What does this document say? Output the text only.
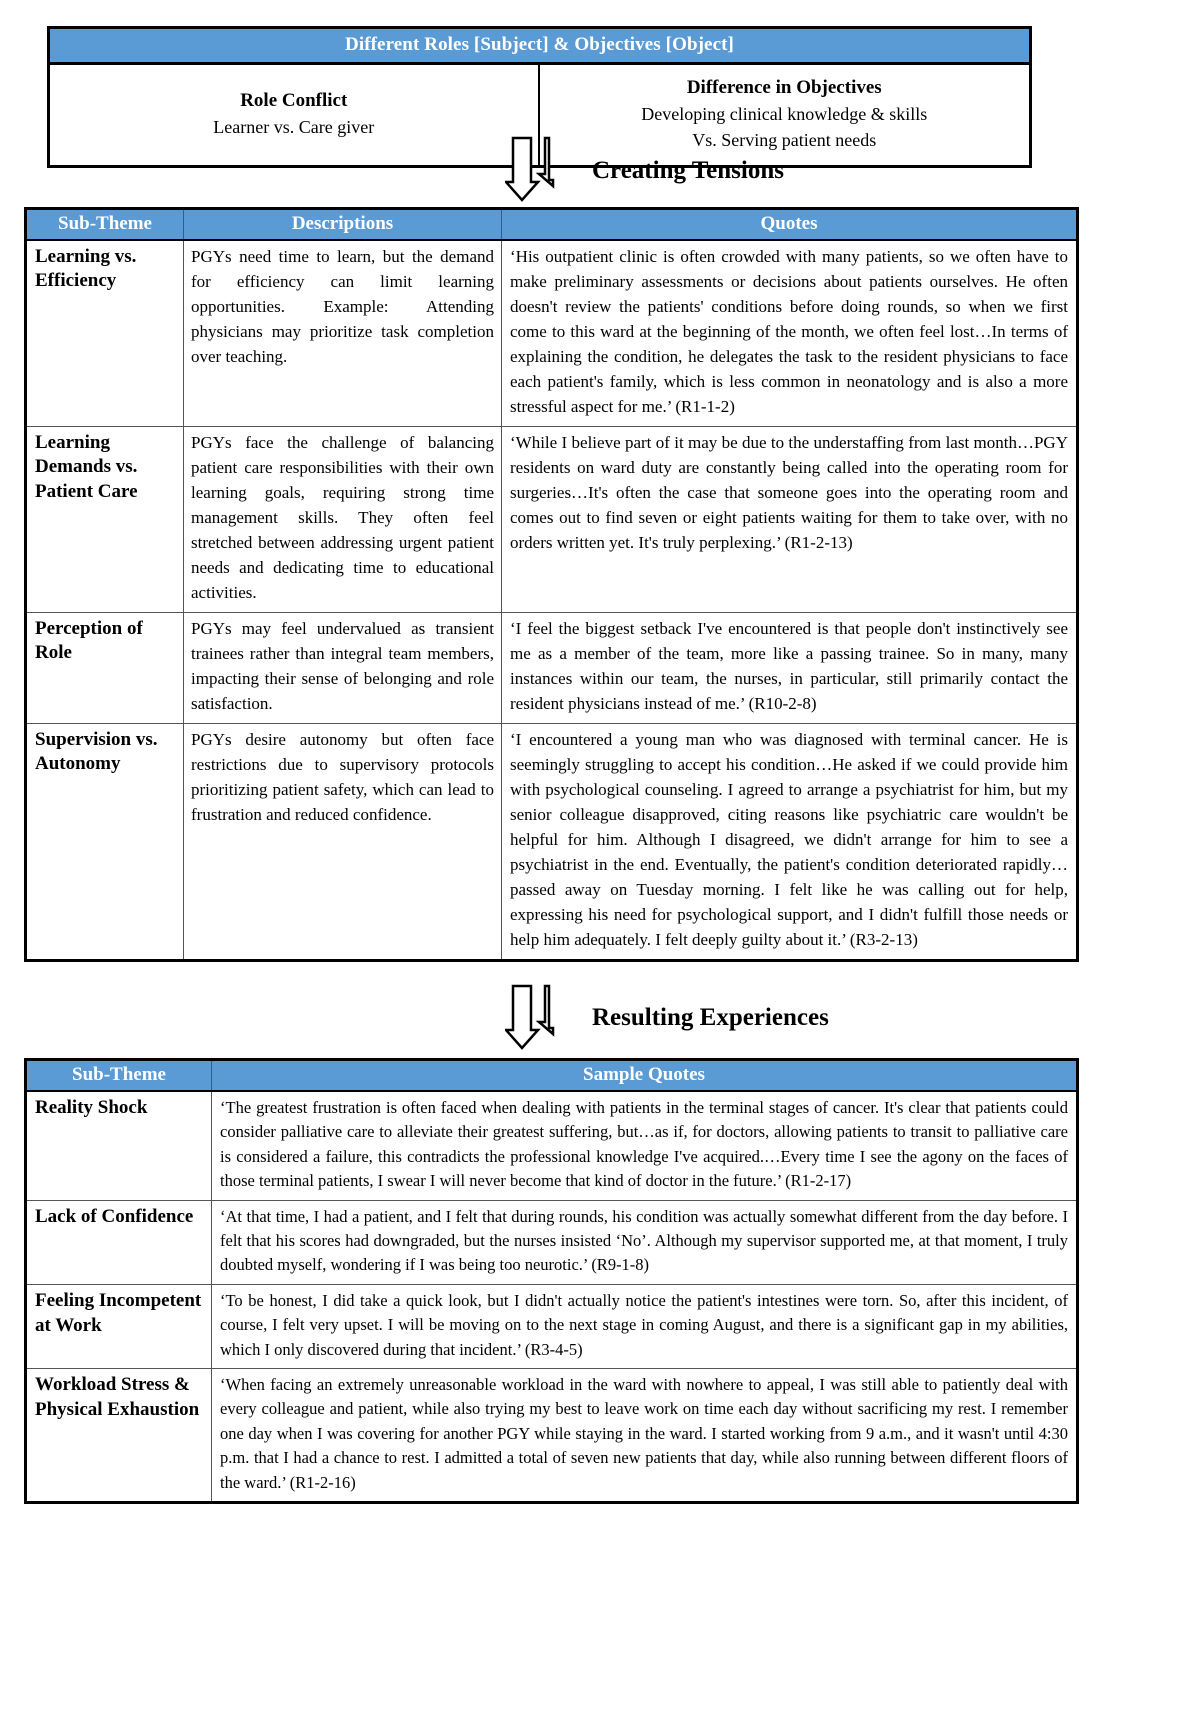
Different Roles [Subject] & Objectives [Object]
Role Conflict
Learner vs. Care giver
Difference in Objectives
Developing clinical knowledge & skills
Vs. Serving patient needs
Creating Tensions
Sub-Theme	Descriptions	Quotes
Learning vs. Efficiency	PGYs need time to learn, but the demand for efficiency can limit learning opportunities. Example: Attending physicians may prioritize task completion over teaching.	‘His outpatient clinic is often crowded with many patients, so we often have to make preliminary assessments or decisions about patients ourselves. He often doesn't review the patients' conditions before doing rounds, so when we first come to this ward at the beginning of the month, we often feel lost…In terms of explaining the condition, he delegates the task to the resident physicians to face each patient's family, which is less common in neonatology and is also a more stressful aspect for me.’ (R1-1-2)
Learning Demands vs. Patient Care	PGYs face the challenge of balancing patient care responsibilities with their own learning goals, requiring strong time management skills. They often feel stretched between addressing urgent patient needs and dedicating time to educational activities.	‘While I believe part of it may be due to the understaffing from last month…PGY residents on ward duty are constantly being called into the operating room for surgeries…It's often the case that someone goes into the operating room and comes out to find seven or eight patients waiting for them to take over, with no orders written yet. It's truly perplexing.’ (R1-2-13)
Perception of Role	PGYs may feel undervalued as transient trainees rather than integral team members, impacting their sense of belonging and role satisfaction.	‘I feel the biggest setback I've encountered is that people don't instinctively see me as a member of the team, more like a passing trainee. So in many, many instances within our team, the nurses, in particular, still primarily contact the resident physicians instead of me.’ (R10-2-8)
Supervision vs. Autonomy	PGYs desire autonomy but often face restrictions due to supervisory protocols prioritizing patient safety, which can lead to frustration and reduced confidence.	‘I encountered a young man who was diagnosed with terminal cancer. He is seemingly struggling to accept his condition…He asked if we could provide him with psychological counseling. I agreed to arrange a psychiatrist for him, but my senior colleague disapproved, citing reasons like psychiatric care wouldn't be helpful for him. Although I disagreed, we didn't arrange for him to see a psychiatrist in the end. Eventually, the patient's condition deteriorated rapidly…passed away on Tuesday morning. I felt like he was calling out for help, expressing his need for psychological support, and I didn't fulfill those needs or help him adequately. I felt deeply guilty about it.’ (R3-2-13)
Resulting Experiences
Sub-Theme	Sample Quotes
Reality Shock	‘The greatest frustration is often faced when dealing with patients in the terminal stages of cancer. It's clear that patients could consider palliative care to alleviate their greatest suffering, but…as if, for doctors, allowing patients to transit to palliative care is considered a failure, this contradicts the professional knowledge I've acquired.…Every time I see the agony on the faces of those terminal patients, I swear I will never become that kind of doctor in the future.’ (R1-2-17)
Lack of Confidence	‘At that time, I had a patient, and I felt that during rounds, his condition was actually somewhat different from the day before. I felt that his scores had downgraded, but the nurses insisted ‘No’. Although my supervisor supported me, at that moment, I truly doubted myself, wondering if I was being too neurotic.’ (R9-1-8)
Feeling Incompetent at Work	‘To be honest, I did take a quick look, but I didn't actually notice the patient's intestines were torn. So, after this incident, of course, I felt very upset. I will be moving on to the next stage in coming August, and there is a significant gap in my abilities, which I only discovered during that incident.’ (R3-4-5)
Workload Stress & Physical Exhaustion	‘When facing an extremely unreasonable workload in the ward with nowhere to appeal, I was still able to patiently deal with every colleague and patient, while also trying my best to leave work on time each day without sacrificing my rest. I remember one day when I was covering for another PGY while staying in the ward. I started working from 9 a.m., and it wasn't until 4:30 p.m. that I had a chance to rest. I admitted a total of seven new patients that day, while also running between different floors of the ward.’ (R1-2-16)
